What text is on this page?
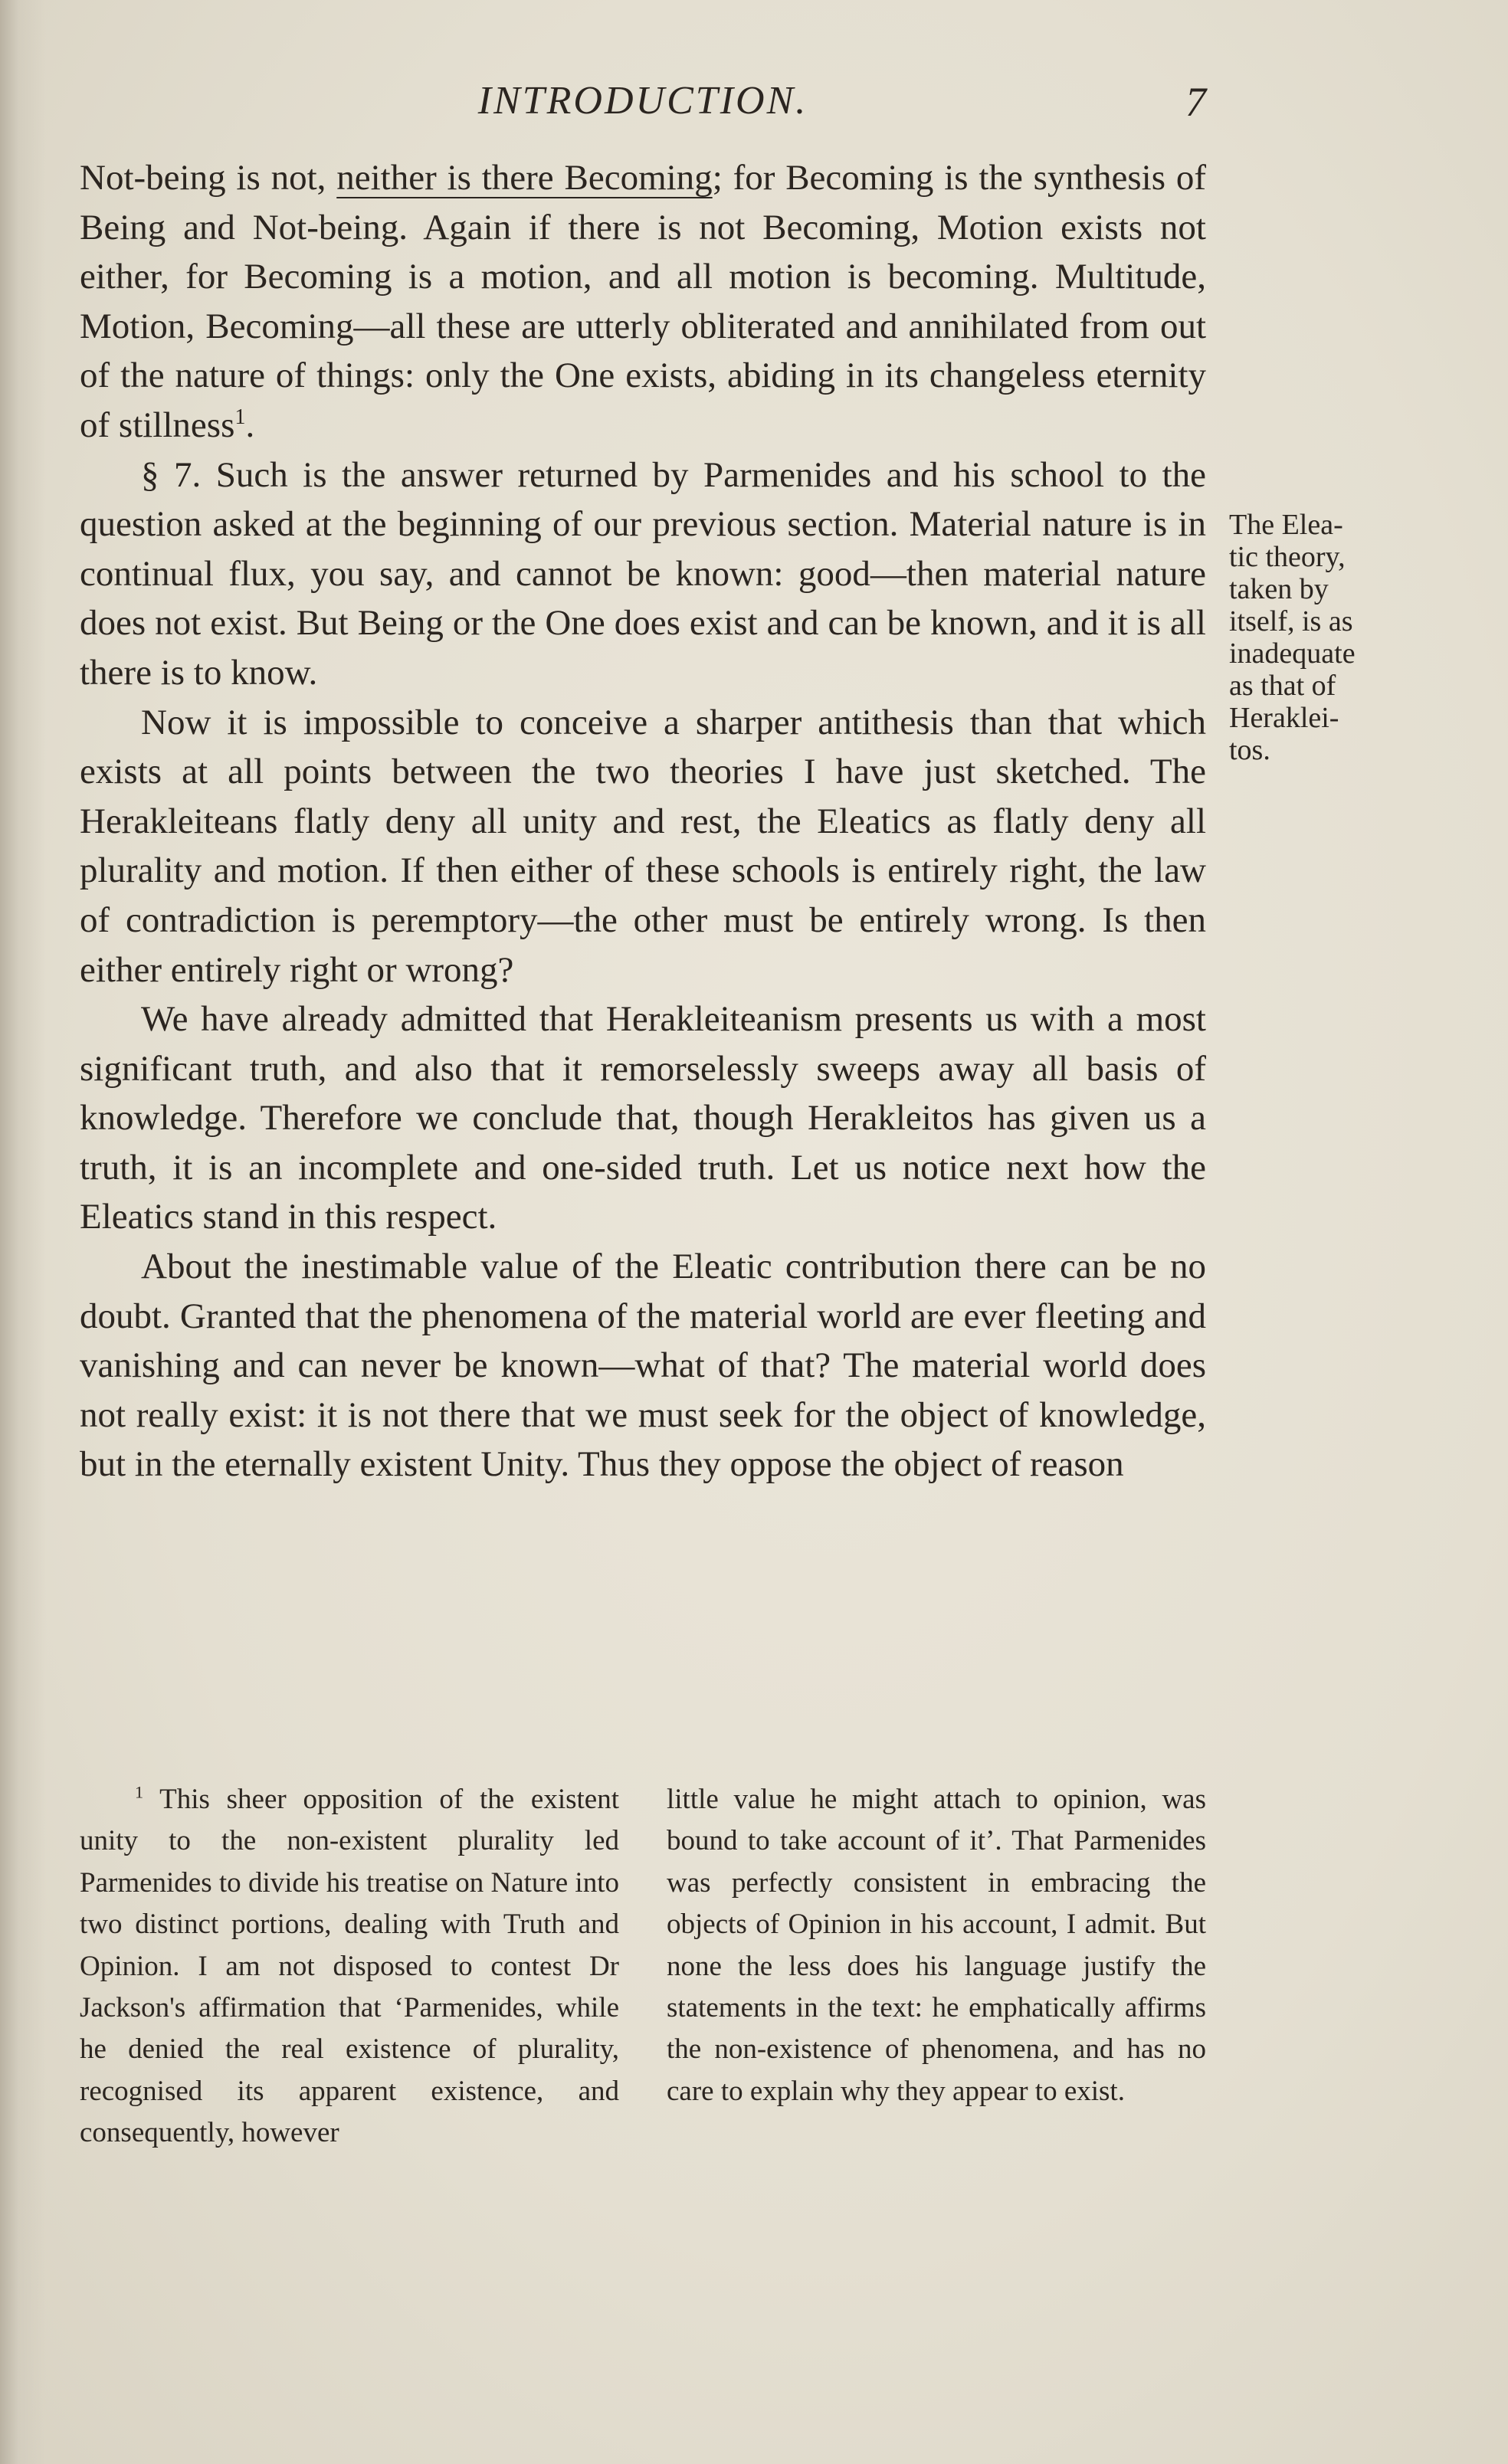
INTRODUCTION.	7

Not-being is not, neither is there Becoming; for Becoming is the synthesis of Being and Not-being. Again if there is not Becoming, Motion exists not either, for Becoming is a motion, and all motion is becoming. Multitude, Motion, Becoming—all these are utterly obliterated and annihilated from out of the nature of things: only the One exists, abiding in its changeless eternity of stillness$^1$.

§ 7. Such is the answer returned by Parmenides and his school to the question asked at the beginning of our previous section. Material nature is in continual flux, you say, and cannot be known: good—then material nature does not exist. But Being or the One does exist and can be known, and it is all there is to know.

Now it is impossible to conceive a sharper antithesis than that which exists at all points between the two theories I have just sketched. The Herakleiteans flatly deny all unity and rest, the Eleatics as flatly deny all plurality and motion. If then either of these schools is entirely right, the law of contradiction is peremptory—the other must be entirely wrong. Is then either entirely right or wrong?

We have already admitted that Herakleiteanism presents us with a most significant truth, and also that it remorselessly sweeps away all basis of knowledge. Therefore we conclude that, though Herakleitos has given us a truth, it is an incomplete and one-sided truth. Let us notice next how the Eleatics stand in this respect.

About the inestimable value of the Eleatic contribution there can be no doubt. Granted that the phenomena of the material world are ever fleeting and vanishing and can never be known—what of that? The material world does not really exist: it is not there that we must seek for the object of knowledge, but in the eternally existent Unity. Thus they oppose the object of reason

The Elea-
tic theory,
taken by
itself, is as
inadequate
as that of
Heraklei-
tos.

$^1$ This sheer opposition of the existent unity to the non-existent plurality led Parmenides to divide his treatise on Nature into two distinct portions, dealing with Truth and Opinion. I am not disposed to contest Dr Jackson's affirmation that ‘Parmenides, while he denied the real existence of plurality, recognised its apparent existence, and consequently, however

little value he might attach to opinion, was bound to take account of it’. That Parmenides was perfectly consistent in embracing the objects of Opinion in his account, I admit. But none the less does his language justify the statements in the text: he emphatically affirms the non-existence of phenomena, and has no care to explain why they appear to exist.
